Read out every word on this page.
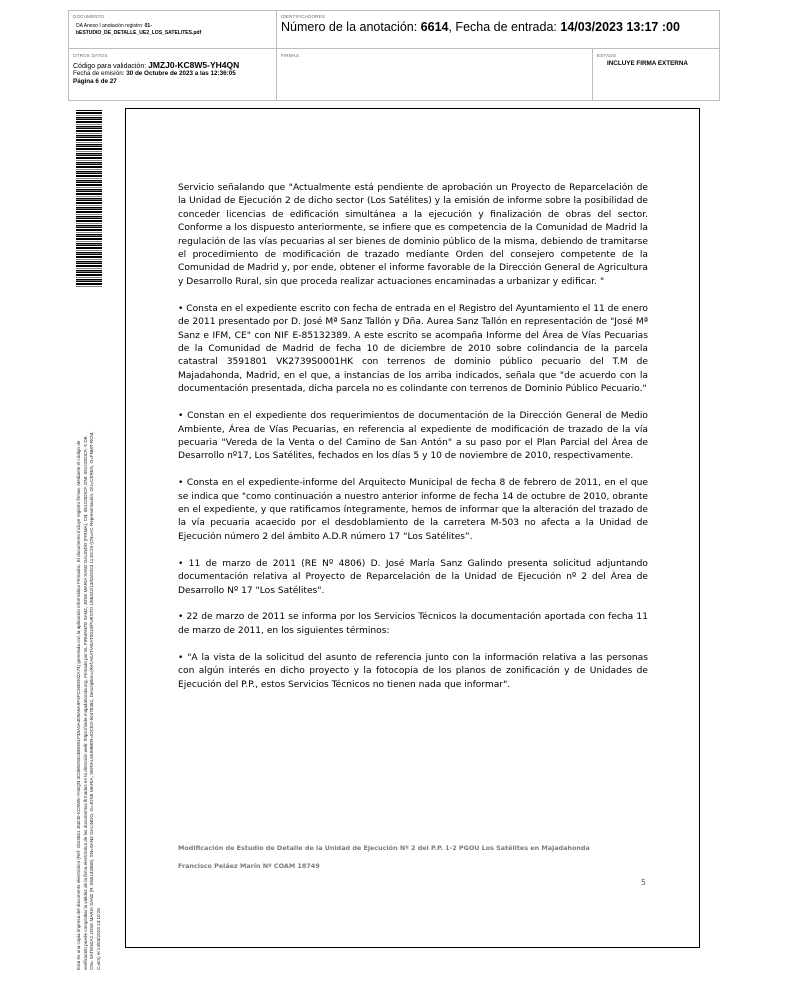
DOCUMENTO
DA Anexo I anotación registro: 01-bESTUDIO_DE_DETALLE_UE2_LOS_SATELITES.pdf
IDENTIFICADORES
Número de la anotación: 6614, Fecha de entrada: 14/03/2023 13:17 :00
OTROS DATOS
Código para validación: JMZJ0-KC8W5-YH4QN
Fecha de emisión: 30 de Octubre de 2023 a las 12:36:05
Página 6 de 27
FIRMAS	ESTADO
INCLUYE FIRMA EXTERNA
Esta es una copia impresa del documento electrónico (Ref: 2524651 JMZJ0-KC8W5-YH4QN 3C0B929423BE551F35A0A4D6A6A9F4FC26ED02A74) generada con la aplicación informática Firmadoc. El documento incluye registro firmas. Mediante el código de verificación puede comprobar la validez de la firma electrónica de los documentos firmados en la dirección web: https://sede.majadahonda.org. Firmado por EL FIRMANTE SANZ, JOSE MARIA SANZ GALINDO (FIRMA), CN: 0512282ICF, DNI: 0512282ICF, S DE CN= SATENZA2 JOSE MARIA SANZ (R: E85133389), SN=SANZ GALINDO, G=JOSE MARIA, SERIALNUMBER=IDCES-50478482, Description=(Ref:AEAT/AEAT0010/PUESTO 1/86322/13/03/2023 11:53:29 (CN=AC Representación, OU=CERES, O=FNMT-RCM, C=ES) el 14/03/2023 13:10:25.

Servicio señalando que "Actualmente está pendiente de aprobación un Proyecto de Reparcelación de la Unidad de Ejecución 2 de dicho sector (Los Satélites) y la emisión de informe sobre la posibilidad de conceder licencias de edificación simultánea a la ejecución y finalización de obras del sector. Conforme a los dispuesto anteriormente, se infiere que es competencia de la Comunidad de Madrid la regulación de las vías pecuarias al ser bienes de dominio público de la misma, debiendo de tramitarse el procedimiento de modificación de trazado mediante Orden del consejero competente de la Comunidad de Madrid y, por ende, obtener el informe favorable de la Dirección General de Agricultura y Desarrollo Rural, sin que proceda realizar actuaciones encaminadas a urbanizar y edificar. "

• Consta en el expediente escrito con fecha de entrada en el Registro del Ayuntamiento el 11 de enero de 2011 presentado por D. José Mª Sanz Tallón y Dña. Aurea Sanz Tallón en representación de "José Mª Sanz e IFM, CE" con NIF E-85132389. A este escrito se acompaña Informe del Área de Vías Pecuarias de la Comunidad de Madrid de fecha 10 de diciembre de 2010 sobre colindancia de la parcela catastral 3591801 VK2739S0001HK con terrenos de dominio público pecuario del T.M de Majadahonda, Madrid, en el que, a instancias de los arriba indicados, señala que "de acuerdo con la documentación presentada, dicha parcela no es colindante con terrenos de Dominio Público Pecuario."

• Constan en el expediente dos requerimientos de documentación de la Dirección General de Medio Ambiente, Área de Vías Pecuarias, en referencia al expediente de modificación de trazado de la vía pecuaria "Vereda de la Venta o del Camino de San Antón" a su paso por el Plan Parcial del Área de Desarrollo nº17, Los Satélites, fechados en los días 5 y 10 de noviembre de 2010, respectivamente.

• Consta en el expediente-informe del Arquitecto Municipal de fecha 8 de febrero de 2011, en el que se indica que "como continuación a nuestro anterior informe de fecha 14 de octubre de 2010, obrante en el expediente, y que ratificamos íntegramente, hemos de informar que la alteración del trazado de la vía pecuaria acaecido por el desdoblamiento de la carretera M-503 no afecta a la Unidad de Ejecución número 2 del ámbito A.D.R número 17 “Los Satélites”.

• 11 de marzo de 2011 (RE Nº 4806) D. José María Sanz Galindo presenta solicitud adjuntando documentación relativa al Proyecto de Reparcelación de la Unidad de Ejecución nº 2 del Área de Desarrollo Nº 17 "Los Satélites".

• 22 de marzo de 2011 se informa por los Servicios Técnicos la documentación aportada con fecha 11 de marzo de 2011, en los siguientes términos:

• "A la vista de la solicitud del asunto de referencia junto con la información relativa a las personas con algún interés en dicho proyecto y la fotocopia de los planos de zonificación y de Unidades de Ejecución del P.P., estos Servicios Técnicos no tienen nada que informar".

Modificación de Estudio de Detalle de la Unidad de Ejecución Nº 2 del P.P. 1-2 PGOU Los Satélites en Majadahonda
Francisco Peláez Marín Nº COAM 18749
5
